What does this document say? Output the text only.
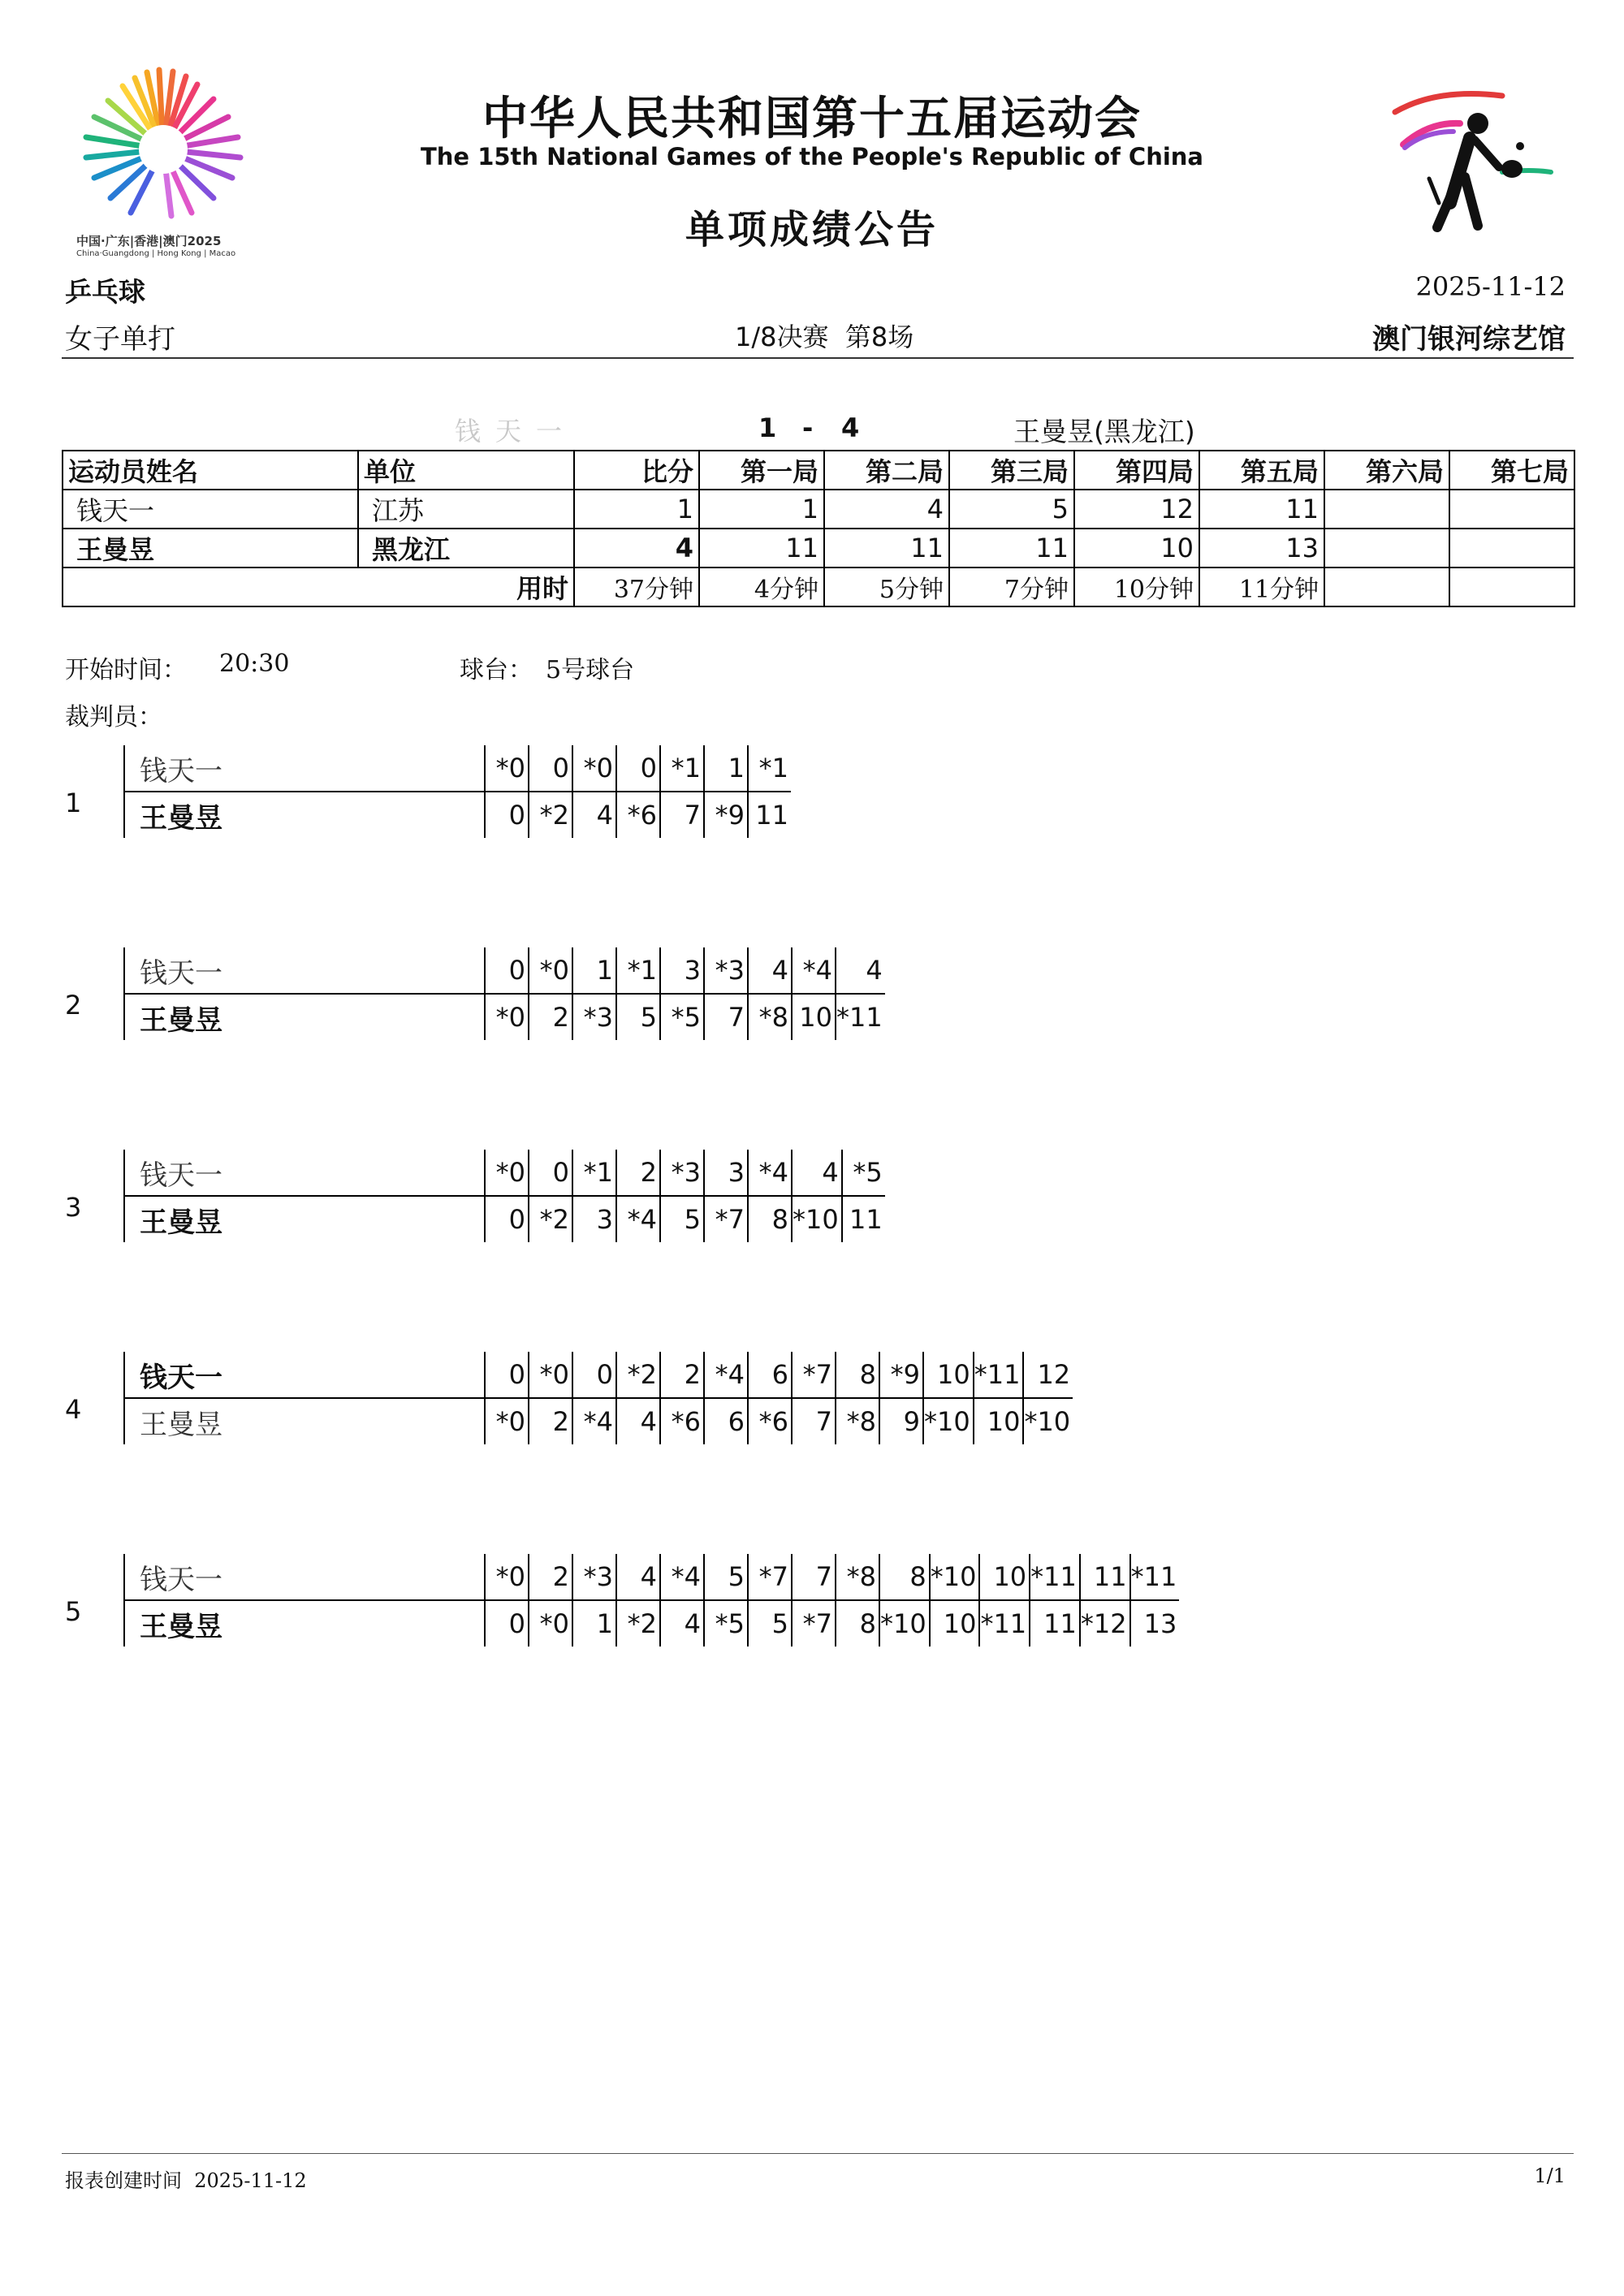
中国·广东|香港|澳门2025
China·Guangdong | Hong Kong | Macao
中华人民共和国第十五届运动会
The 15th National Games of the People's Republic of China
单项成绩公告
乒乓球	2025-11-12
女子单打	1/8决赛  第8场	澳门银河综艺馆
钱天一	1 - 4	王曼昱(黑龙江)
运动员姓名	单位	比分	第一局	第二局	第三局	第四局	第五局	第六局	第七局
钱天一	江苏	1	1	4	5	12	11		
王曼昱	黑龙江	4	11	11	11	10	13		
用时		37分钟	4分钟	5分钟	7分钟	10分钟	11分钟		
开始时间： 20:30	球台： 5号球台
裁判员：
1
钱天一	*0	0	*0	0	*1	1	*1
王曼昱	0	*2	4	*6	7	*9	11
2
钱天一	0	*0	1	*1	3	*3	4	*4	4
王曼昱	*0	2	*3	5	*5	7	*8	10	*11
3
钱天一	*0	0	*1	2	*3	3	*4	4	*5
王曼昱	0	*2	3	*4	5	*7	8	*10	11
4
钱天一	0	*0	0	*2	2	*4	6	*7	8	*9	10	*11	12
王曼昱	*0	2	*4	4	*6	6	*6	7	*8	9	*10	10	*10
5
钱天一	*0	2	*3	4	*4	5	*7	7	*8	8	*10	10	*11	11	*11
王曼昱	0	*0	1	*2	4	*5	5	*7	8	*10	10	*11	11	*12	13
报表创建时间  2025-11-12	1/1
